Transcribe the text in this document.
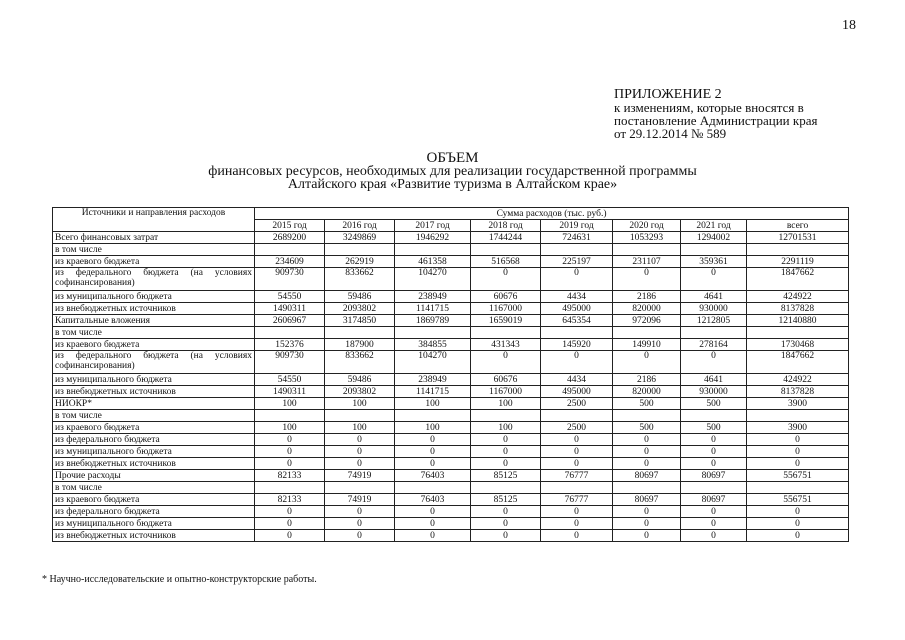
18
ПРИЛОЖЕНИЕ 2
к изменениям, которые вносятся в
постановление Администрации края
от 29.12.2014 № 589
ОБЪЕМ
финансовых ресурсов, необходимых для реализации государственной программы
Алтайского края «Развитие туризма в Алтайском крае»
Источники и направления расходов	Сумма расходов (тыс. руб.)							
	2015 год	2016 год	2017 год	2018 год	2019 год	2020 год	2021 год	всего
Всего финансовых затрат	2689200	3249869	1946292	1744244	724631	1053293	1294002	12701531
в том числе								
из краевого бюджета	234609	262919	461358	516568	225197	231107	359361	2291119
из федерального бюджета (на условиях софинансирования)	909730	833662	104270	0	0	0	0	1847662
из муниципального бюджета	54550	59486	238949	60676	4434	2186	4641	424922
из внебюджетных источников	1490311	2093802	1141715	1167000	495000	820000	930000	8137828
Капитальные вложения	2606967	3174850	1869789	1659019	645354	972096	1212805	12140880
в том числе								
из краевого бюджета	152376	187900	384855	431343	145920	149910	278164	1730468
из федерального бюджета (на условиях софинансирования)	909730	833662	104270	0	0	0	0	1847662
из муниципального бюджета	54550	59486	238949	60676	4434	2186	4641	424922
из внебюджетных источников	1490311	2093802	1141715	1167000	495000	820000	930000	8137828
НИОКР*	100	100	100	100	2500	500	500	3900
в том числе								
из краевого бюджета	100	100	100	100	2500	500	500	3900
из федерального бюджета	0	0	0	0	0	0	0	0
из муниципального бюджета	0	0	0	0	0	0	0	0
из внебюджетных источников	0	0	0	0	0	0	0	0
Прочие расходы	82133	74919	76403	85125	76777	80697	80697	556751
в том числе								
из краевого бюджета	82133	74919	76403	85125	76777	80697	80697	556751
из федерального бюджета	0	0	0	0	0	0	0	0
из муниципального бюджета	0	0	0	0	0	0	0	0
из внебюджетных источников	0	0	0	0	0	0	0	0
* Научно-исследовательские и опытно-конструкторские работы.
